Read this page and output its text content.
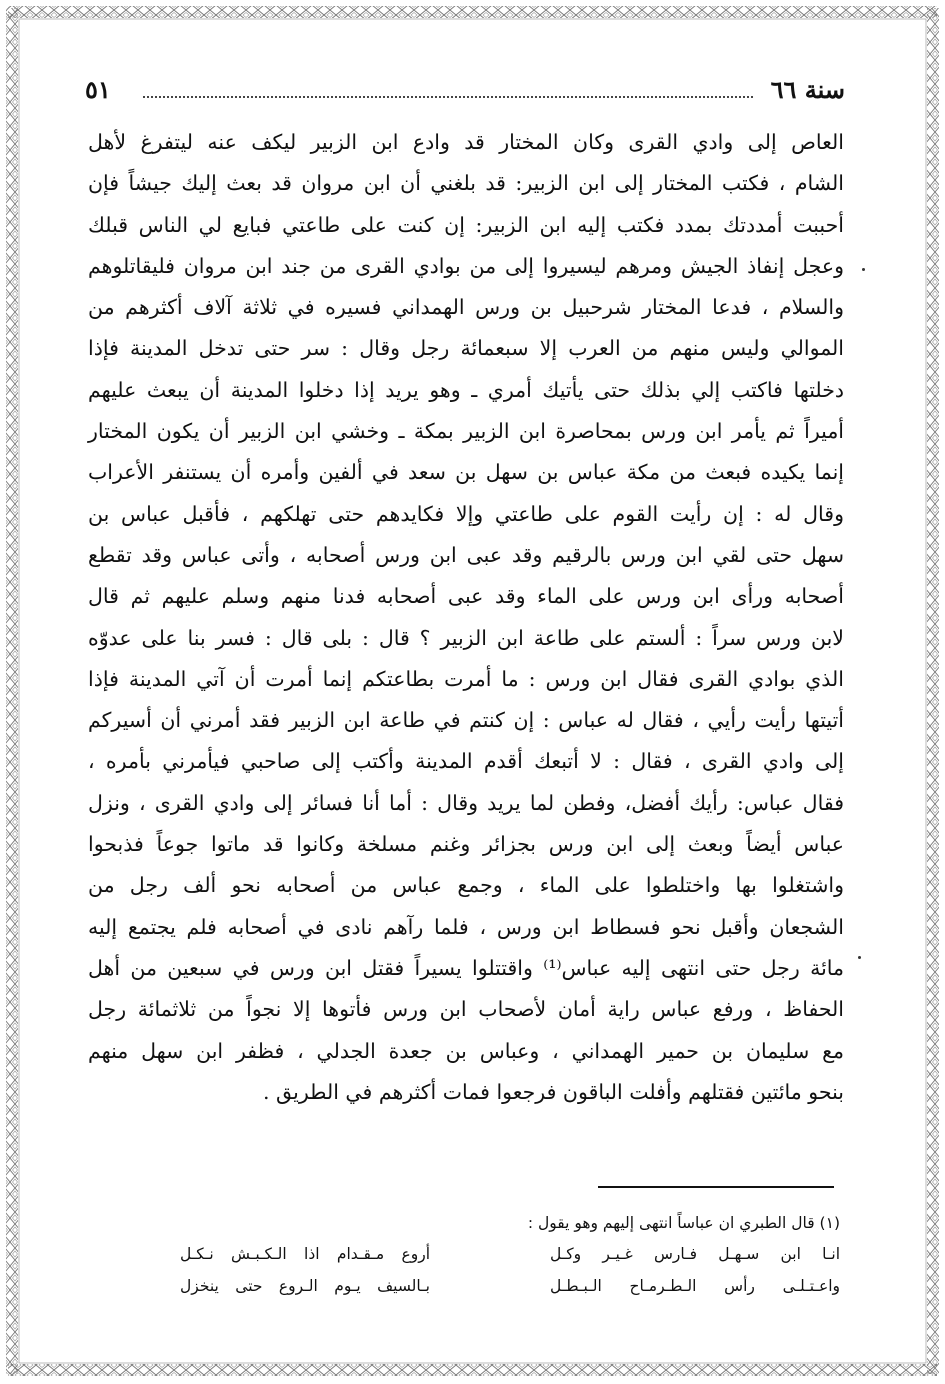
سنة ٦٦
٥١
العاص إلى وادي القرى وكان المختار قد وادع ابن الزبير ليكف عنه ليتفرغ لأهل
الشام ، فكتب المختار إلى ابن الزبير: قد بلغني أن ابن مروان قد بعث إليك جيشاً فإن
أحببت أمددتك بمدد فكتب إليه ابن الزبير: إن كنت على طاعتي فبايع لي الناس قبلك
وعجل إنفاذ الجيش ومرهم ليسيروا إلى من بوادي القرى من جند ابن مروان فليقاتلوهم
والسلام ، فدعا المختار شرحبيل بن ورس الهمداني فسيره في ثلاثة آلاف أكثرهم من
الموالي وليس منهم من العرب إلا سبعمائة رجل وقال : سر حتى تدخل المدينة فإذا
دخلتها فاكتب إلي بذلك حتى يأتيك أمري ـ وهو يريد إذا دخلوا المدينة أن يبعث عليهم
أميراً ثم يأمر ابن ورس بمحاصرة ابن الزبير بمكة ـ وخشي ابن الزبير أن يكون المختار
إنما يكيده فبعث من مكة عباس بن سهل بن سعد في ألفين وأمره أن يستنفر الأعراب
وقال له : إن رأيت القوم على طاعتي وإلا فكايدهم حتى تهلكهم ، فأقبل عباس بن
سهل حتى لقي ابن ورس بالرقيم وقد عبى ابن ورس أصحابه ، وأتى عباس وقد تقطع
أصحابه ورأى ابن ورس على الماء وقد عبى أصحابه فدنا منهم وسلم عليهم ثم قال
لابن ورس سراً : ألستم على طاعة ابن الزبير ؟ قال : بلى قال : فسر بنا على عدوّه
الذي بوادي القرى فقال ابن ورس : ما أمرت بطاعتكم إنما أمرت أن آتي المدينة فإذا
أتيتها رأيت رأيي ، فقال له عباس : إن كنتم في طاعة ابن الزبير فقد أمرني أن أسيركم
إلى وادي القرى ، فقال : لا أتبعك أقدم المدينة وأكتب إلى صاحبي فيأمرني بأمره ،
فقال عباس: رأيك أفضل، وفطن لما يريد وقال : أما أنا فسائر إلى وادي القرى ، ونزل
عباس أيضاً وبعث إلى ابن ورس بجزائر وغنم مسلخة وكانوا قد ماتوا جوعاً فذبحوا
واشتغلوا بها واختلطوا على الماء ، وجمع عباس من أصحابه نحو ألف رجل من
الشجعان وأقبل نحو فسطاط ابن ورس ، فلما رآهم نادى في أصحابه فلم يجتمع إليه
مائة رجل حتى انتهى إليه عباس⁽¹⁾ واقتتلوا يسيراً فقتل ابن ورس في سبعين من أهل
الحفاظ ، ورفع عباس راية أمان لأصحاب ابن ورس فأتوها إلا نجواً من ثلاثمائة رجل
مع سليمان بن حمير الهمداني ، وعباس بن جعدة الجدلي ، فظفر ابن سهل منهم
بنحو مائتين فقتلهم وأفلت الباقون فرجعوا فمات أكثرهم في الطريق .
(١) قال الطبري ان عباساً انتهى إليهم وهو يقول :
انـا ابن سـهـل فـارس غـيـر وكـل
أروع مـقـدام اذا الـكـبـش نـكـل
واعـتـلـى رأس الـطـرمـاح الـبـطـل
بـالسيف يـوم الـروع حتى ينخزل
